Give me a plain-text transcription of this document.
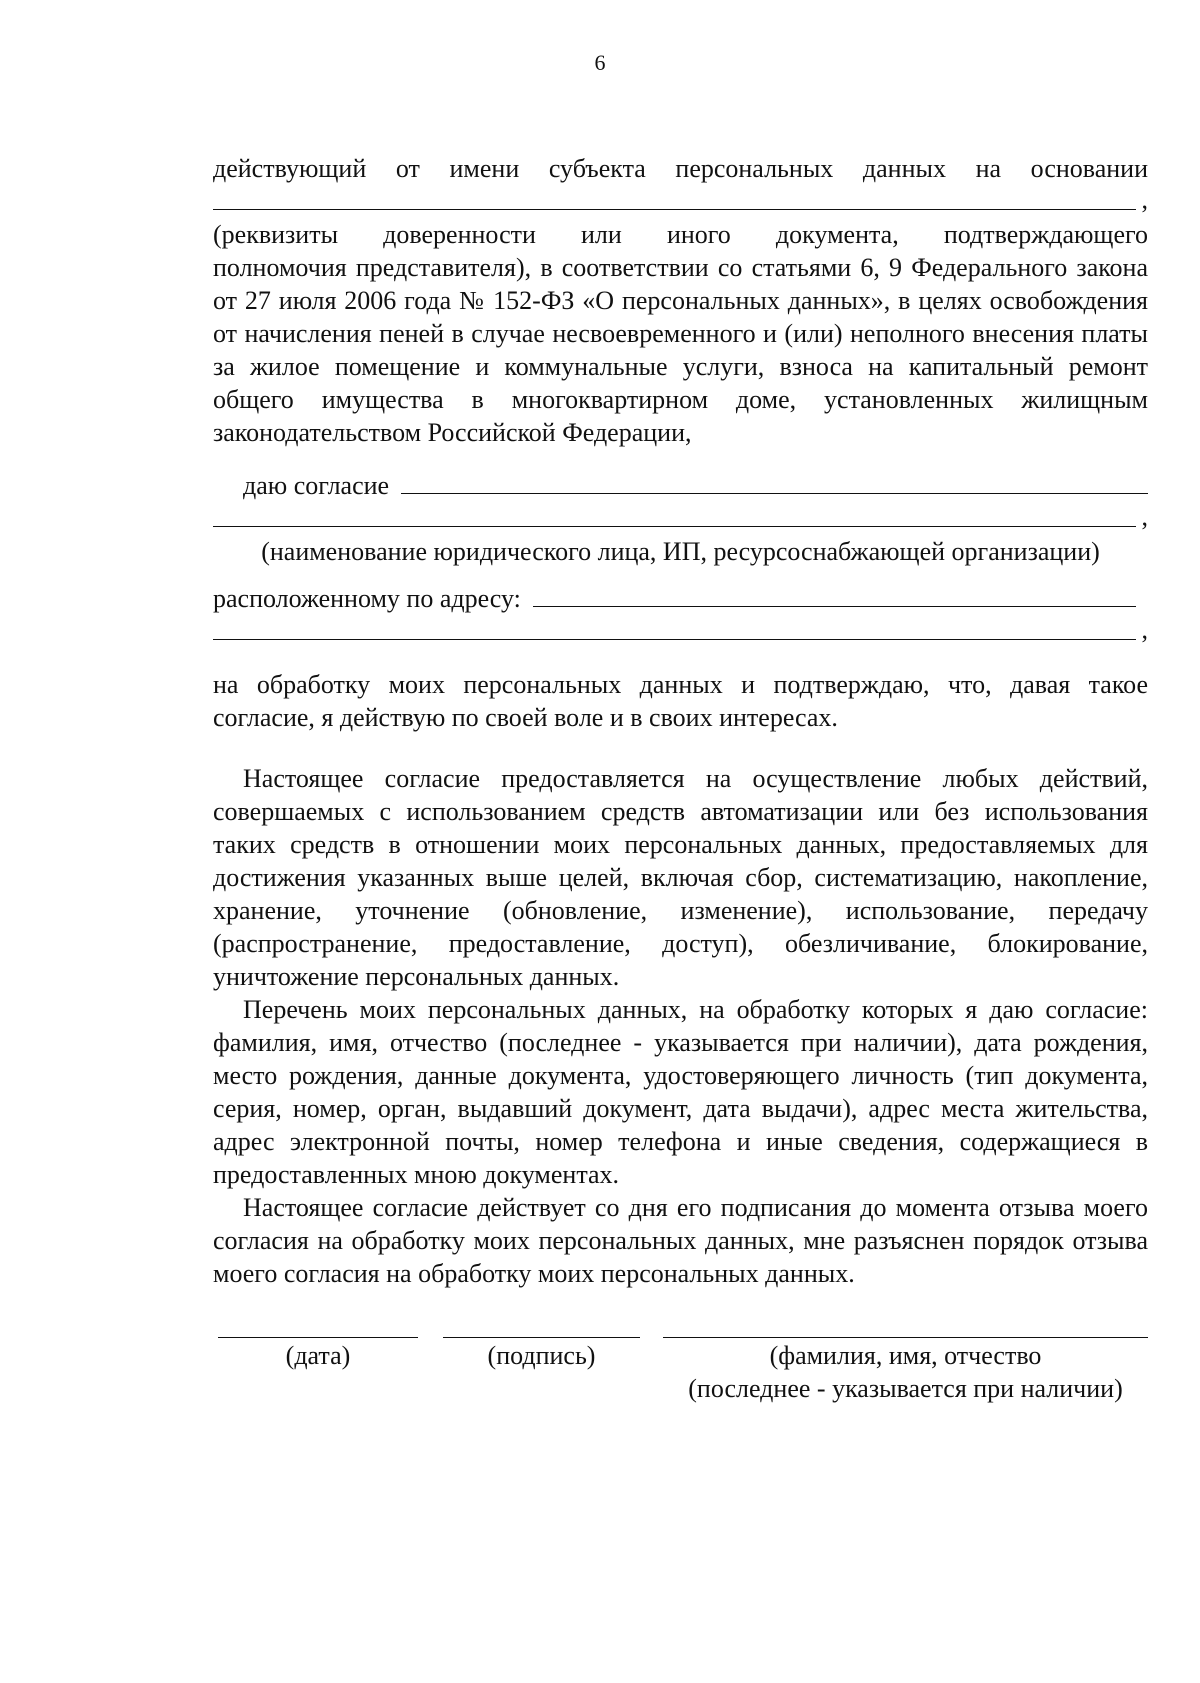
6
действующий от имени субъекта персональных данных на основании
,
(реквизиты доверенности или иного документа, подтверждающего
полномочия представителя), в соответствии со статьями 6, 9 Федерального закона от 27 июля 2006 года № 152-ФЗ «О персональных данных», в целях освобождения от начисления пеней в случае несвоевременного и (или) неполного внесения платы за жилое помещение и коммунальные услуги, взноса на капитальный ремонт общего имущества в многоквартирном доме, установленных жилищным законодательством Российской Федерации,
даю согласие
,
(наименование юридического лица, ИП, ресурсоснабжающей организации)
расположенному по адресу:
,
на обработку моих персональных данных и подтверждаю, что, давая такое согласие, я действую по своей воле и в своих интересах.
Настоящее согласие предоставляется на осуществление любых действий, совершаемых с использованием средств автоматизации или без использования таких средств в отношении моих персональных данных, предоставляемых для достижения указанных выше целей, включая сбор, систематизацию, накопление, хранение, уточнение (обновление, изменение), использование, передачу (распространение, предоставление, доступ), обезличивание, блокирование, уничтожение персональных данных.
Перечень моих персональных данных, на обработку которых я даю согласие: фамилия, имя, отчество (последнее - указывается при наличии), дата рождения, место рождения, данные документа, удостоверяющего личность (тип документа, серия, номер, орган, выдавший документ, дата выдачи), адрес места жительства, адрес электронной почты, номер телефона и иные сведения, содержащиеся в предоставленных мною документах.
Настоящее согласие действует со дня его подписания до момента отзыва моего согласия на обработку моих персональных данных, мне разъяснен порядок отзыва моего согласия на обработку моих персональных данных.
(дата)	(подпись)	(фамилия, имя, отчество
(последнее - указывается при наличии)
